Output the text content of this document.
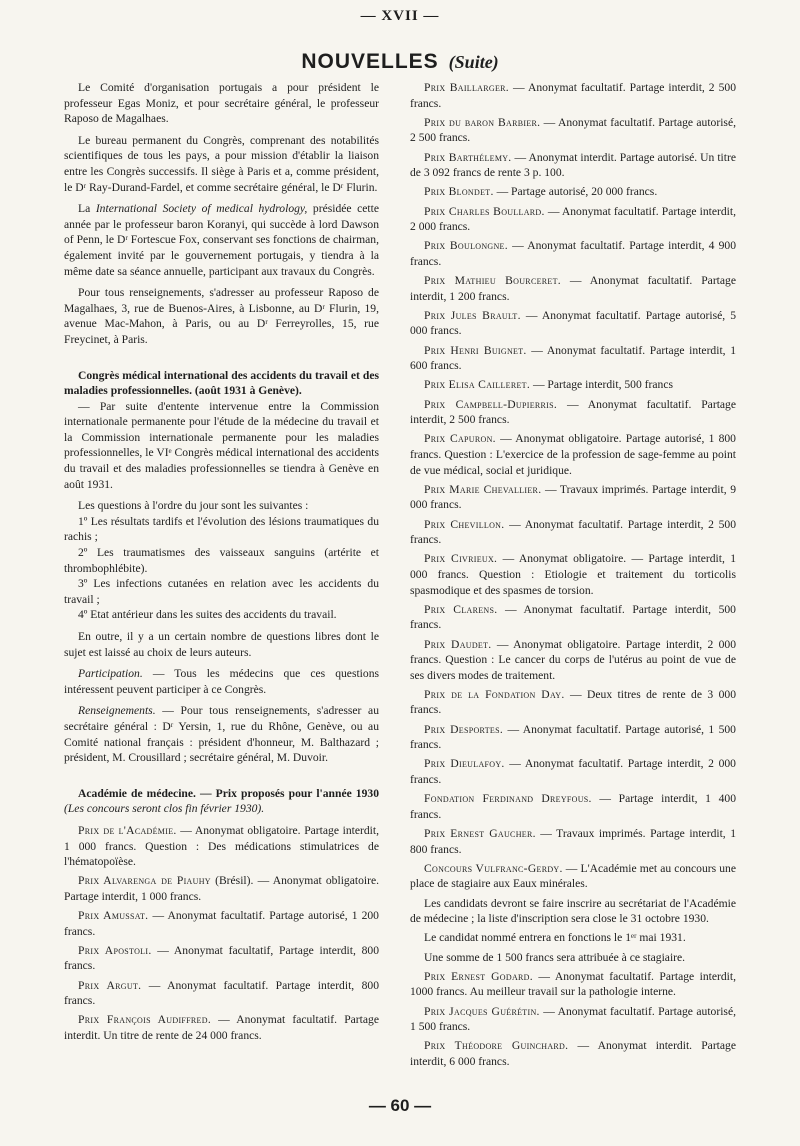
— XVII —
NOUVELLES (Suite)

Le Comité d'organisation portugais a pour président le professeur Egas Moniz, et pour secrétaire général, le professeur Raposo de Magalhaes.

Le bureau permanent du Congrès, comprenant des notabilités scientifiques de tous les pays, a pour mission d'établir la liaison entre les Congrès successifs. Il siège à Paris et a, comme président, le Dʳ Ray-Durand-Fardel, et comme secrétaire général, le Dʳ Flurin.

La International Society of medical hydrology, présidée cette année par le professeur baron Koranyi, qui succède à lord Dawson of Penn, le Dʳ Fortescue Fox, conservant ses fonctions de chairman, également invité par le gouvernement portugais, y tiendra à la même date sa séance annuelle, participant aux travaux du Congrès.

Pour tous renseignements, s'adresser au professeur Raposo de Magalhaes, 3, rue de Buenos-Aires, à Lisbonne, au Dʳ Flurin, 19, avenue Mac-Mahon, à Paris, ou au Dʳ Ferreyrolles, 15, rue Freycinet, à Paris.

Congrès médical international des accidents du travail et des maladies professionnelles. (août 1931 à Genève).

— Par suite d'entente intervenue entre la Commission internationale permanente pour l'étude de la médecine du travail et la Commission internationale permanente pour les maladies professionnelles, le VIᵉ Congrès médical international des accidents du travail et des maladies professionnelles se tiendra à Genève en août 1931.

Les questions à l'ordre du jour sont les suivantes :

1º Les résultats tardifs et l'évolution des lésions traumatiques du rachis ;

2º Les traumatismes des vaisseaux sanguins (artérite et thrombophlébite).

3º Les infections cutanées en relation avec les accidents du travail ;

4º Etat antérieur dans les suites des accidents du travail.

En outre, il y a un certain nombre de questions libres dont le sujet est laissé au choix de leurs auteurs.

Participation. — Tous les médecins que ces questions intéressent peuvent participer à ce Congrès.

Renseignements. — Pour tous renseignements, s'adresser au secrétaire général : Dʳ Yersin, 1, rue du Rhône, Genève, ou au Comité national français : président d'honneur, M. Balthazard ; président, M. Crousillard ; secrétaire général, M. Duvoir.

Académie de médecine. — Prix proposés pour l'année 1930 (Les concours seront clos fin février 1930).

Prix de l'Académie. — Anonymat obligatoire. Partage interdit, 1 000 francs. Question : Des médications stimulatrices de l'hématopoïèse.

Prix Alvarenga de Piauhy (Brésil). — Anonymat obligatoire. Partage interdit, 1 000 francs.

Prix Amussat. — Anonymat facultatif. Partage autorisé, 1 200 francs.

Prix Apostoli. — Anonymat facultatif, Partage interdit, 800 francs.

Prix Argut. — Anonymat facultatif. Partage interdit, 800 francs.

Prix François Audiffred. — Anonymat facultatif. Partage interdit. Un titre de rente de 24 000 francs.

Prix Baillarger. — Anonymat facultatif. Partage interdit, 2 500 francs.

Prix du baron Barbier. — Anonymat facultatif. Partage autorisé, 2 500 francs.

Prix Barthélemy. — Anonymat interdit. Partage autorisé. Un titre de 3 092 francs de rente 3 p. 100.

Prix Blondet. — Partage autorisé, 20 000 francs.

Prix Charles Boullard. — Anonymat facultatif. Partage interdit, 2 000 francs.

Prix Boulongne. — Anonymat facultatif. Partage interdit, 4 900 francs.

Prix Mathieu Bourceret. — Anonymat facultatif. Partage interdit, 1 200 francs.

Prix Jules Brault. — Anonymat facultatif. Partage autorisé, 5 000 francs.

Prix Henri Buignet. — Anonymat facultatif. Partage interdit, 1 600 francs.

Prix Elisa Cailleret. — Partage interdit, 500 francs

Prix Campbell-Dupierris. — Anonymat facultatif. Partage interdit, 2 500 francs.

Prix Capuron. — Anonymat obligatoire. Partage autorisé, 1 800 francs. Question : L'exercice de la profession de sage-femme au point de vue médical, social et juridique.

Prix Marie Chevallier. — Travaux imprimés. Partage interdit, 9 000 francs.

Prix Chevillon. — Anonymat facultatif. Partage interdit, 2 500 francs.

Prix Civrieux. — Anonymat obligatoire. — Partage interdit, 1 000 francs. Question : Etiologie et traitement du torticolis spasmodique et des spasmes de torsion.

Prix Clarens. — Anonymat facultatif. Partage interdit, 500 francs.

Prix Daudet. — Anonymat obligatoire. Partage interdit, 2 000 francs. Question : Le cancer du corps de l'utérus au point de vue de ses divers modes de traitement.

Prix de la Fondation Day. — Deux titres de rente de 3 000 francs.

Prix Desportes. — Anonymat facultatif. Partage autorisé, 1 500 francs.

Prix Dieulafoy. — Anonymat facultatif. Partage interdit, 2 000 francs.

Fondation Ferdinand Dreyfous. — Partage interdit, 1 400 francs.

Prix Ernest Gaucher. — Travaux imprimés. Partage interdit, 1 800 francs.

Concours Vulfranc-Gerdy. — L'Académie met au concours une place de stagiaire aux Eaux minérales.

Les candidats devront se faire inscrire au secrétariat de l'Académie de médecine ; la liste d'inscription sera close le 31 octobre 1930.

Le candidat nommé entrera en fonctions le 1ᵉʳ mai 1931.

Une somme de 1 500 francs sera attribuée à ce stagiaire.

Prix Ernest Godard. — Anonymat facultatif. Partage interdit, 1000 francs. Au meilleur travail sur la pathologie interne.

Prix Jacques Guérétin. — Anonymat facultatif. Partage autorisé, 1 500 francs.

Prix Théodore Guinchard. — Anonymat interdit. Partage interdit, 6 000 francs.

— 60 —
